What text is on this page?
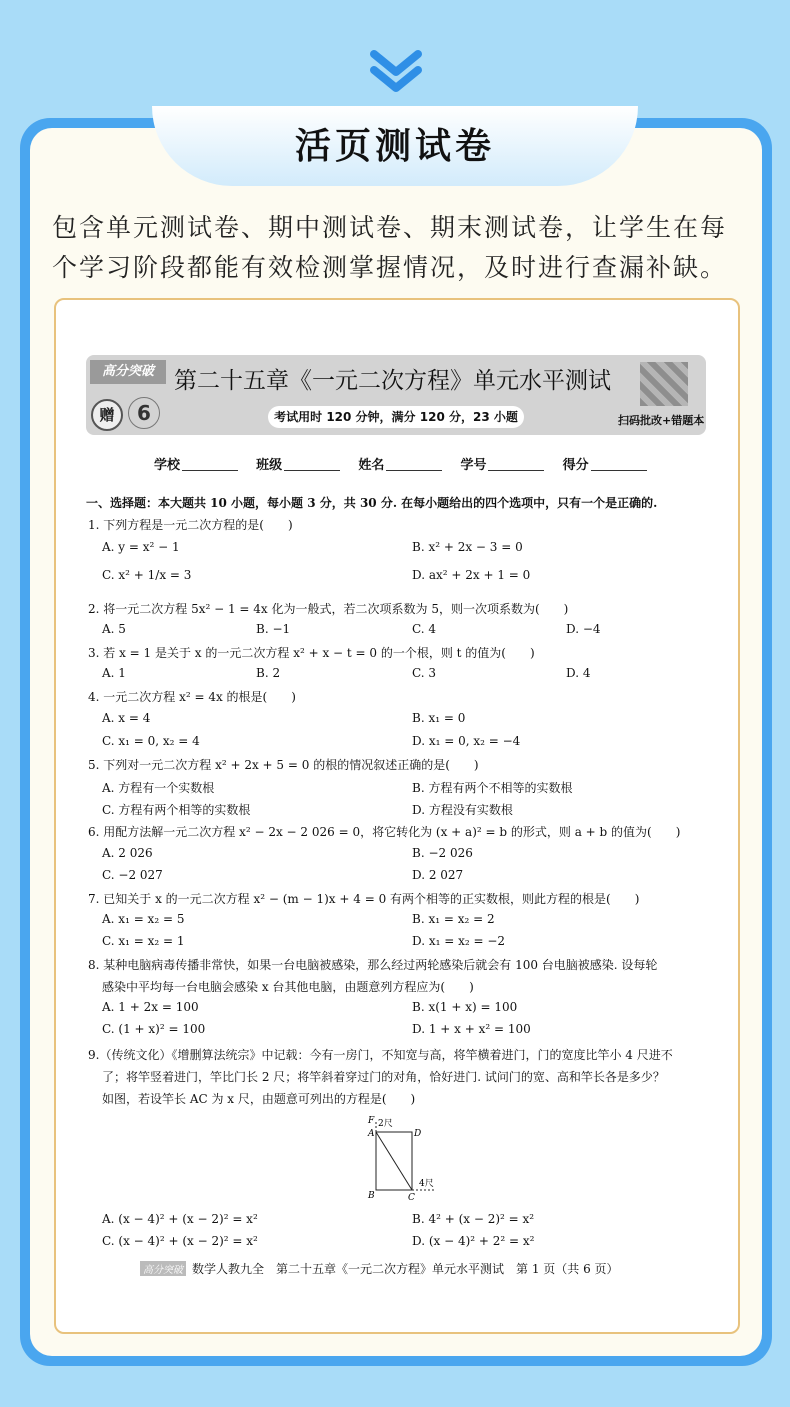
活页测试卷
包含单元测试卷、期中测试卷、期末测试卷，让学生在每个学习阶段都能有效检测掌握情况，及时进行查漏补缺。
高分突破
赠	6
第二十五章《一元二次方程》单元水平测试
考试用时 120 分钟，满分 120 分，23 小题	扫码批改+错题本
学校	班级	姓名	学号	得分
一、选择题：本大题共 10 小题，每小题 3 分，共 30 分. 在每小题给出的四个选项中，只有一个是正确的.
1. 下列方程是一元二次方程的是(　　)
A. y = x² − 1	B. x² + 2x − 3 = 0
C. x² + 1/x = 3	D. ax² + 2x + 1 = 0
2. 将一元二次方程 5x² − 1 = 4x 化为一般式，若二次项系数为 5，则一次项系数为(　　)
A. 5	B. −1	C. 4	D. −4
3. 若 x = 1 是关于 x 的一元二次方程 x² + x − t = 0 的一个根，则 t 的值为(　　)
A. 1	B. 2	C. 3	D. 4
4. 一元二次方程 x² = 4x 的根是(　　)
A. x = 4	B. x₁ = 0
C. x₁ = 0, x₂ = 4	D. x₁ = 0, x₂ = −4
5. 下列对一元二次方程 x² + 2x + 5 = 0 的根的情况叙述正确的是(　　)
A. 方程有一个实数根	B. 方程有两个不相等的实数根
C. 方程有两个相等的实数根	D. 方程没有实数根
6. 用配方法解一元二次方程 x² − 2x − 2 026 = 0，将它转化为 (x + a)² = b 的形式，则 a + b 的值为(　　)
A. 2 026	B. −2 026
C. −2 027	D. 2 027
7. 已知关于 x 的一元二次方程 x² − (m − 1)x + 4 = 0 有两个相等的正实数根，则此方程的根是(　　)
A. x₁ = x₂ = 5	B. x₁ = x₂ = 2
C. x₁ = x₂ = 1	D. x₁ = x₂ = −2
8. 某种电脑病毒传播非常快，如果一台电脑被感染，那么经过两轮感染后就会有 100 台电脑被感染. 设每轮
感染中平均每一台电脑会感染 x 台其他电脑，由题意列方程应为(　　)
A. 1 + 2x = 100	B. x(1 + x) = 100
C. (1 + x)² = 100	D. 1 + x + x² = 100
9.（传统文化）《增删算法统宗》中记载：今有一房门，不知宽与高，将竿横着进门，门的宽度比竿小 4 尺进不
了；将竿竖着进门，竿比门长 2 尺；将竿斜着穿过门的对角，恰好进门. 试问门的宽、高和竿长各是多少？
如图，若设竿长 AC 为 x 尺，由题意可列出的方程是(　　)
F 2尺
A	D
B	C
4尺
A. (x − 4)² + (x − 2)² = x²	B. 4² + (x − 2)² = x²
C. (x − 4)² + (x − 2)² = x²	D. (x − 4)² + 2² = x²
高分突破 数学人教九全　第二十五章《一元二次方程》单元水平测试　第 1 页（共 6 页）
